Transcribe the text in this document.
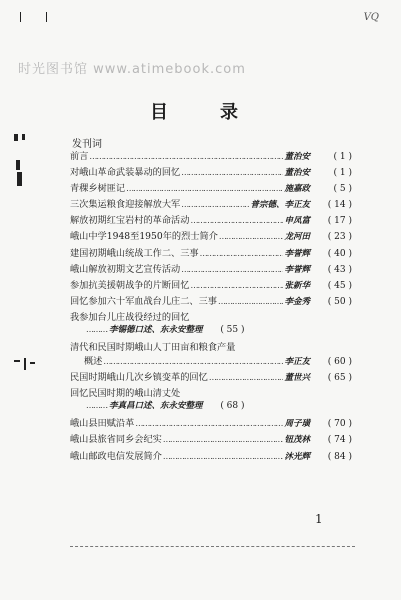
VQ
时光图书馆 www.atimebook.com
目录
发刊词
前言 ……………………………………………………………………………………………………………………………………	董治安	( 1 )
对峨山革命武装暴动的回忆 ……………………………………………………………………………………………………………………………………	董治安	( 1 )
青稞乡树匪记 ……………………………………………………………………………………………………………………………………	施嘉政	( 5 )
三次集运粮食迎接解放大军 ……………………………………………………………………………………………………………………………………	普宗德、李正友	( 14 )
解放初期红宝岩村的革命活动 ……………………………………………………………………………………………………………………………………	申凤富	( 17 )
峨山中学1948至1950年的烈士简介 ……………………………………………………………………………………………………………………………………	龙河田	( 23 )
建国初期峨山统战工作二、三事 ……………………………………………………………………………………………………………………………………	李誉辉	( 40 )
峨山解放初期文艺宣传活动 ……………………………………………………………………………………………………………………………………	李誉辉	( 43 )
参加抗美援朝战争的片断回忆 ……………………………………………………………………………………………………………………………………	张新华	( 45 )
回忆参加六十军血战台儿庄二、三事 ……………………………………………………………………………………………………………………………………	李金秀	( 50 )
我参加台儿庄战役经过的回忆
……………………………………………………………………………………………………………………………………
李锡德口述、东永安整理	( 55 )
清代和民国时期峨山人丁田亩和粮食产量
概述 ……………………………………………………………………………………………………………………………………	李正友	( 60 )
民国时期峨山几次乡镇变革的回忆 ……………………………………………………………………………………………………………………………………	董世兴	( 65 )
回忆民国时期的峨山清丈处
……………………………………………………………………………………………………………………………………
李真昌口述、东永安整理	( 68 )
峨山县田赋沿革 ……………………………………………………………………………………………………………………………………	周子璜	( 70 )
峨山县旅省同乡会纪实 ……………………………………………………………………………………………………………………………………	钮茂林	( 74 )
峨山邮政电信发展简介 ……………………………………………………………………………………………………………………………………	沐光辉	( 84 )
1
